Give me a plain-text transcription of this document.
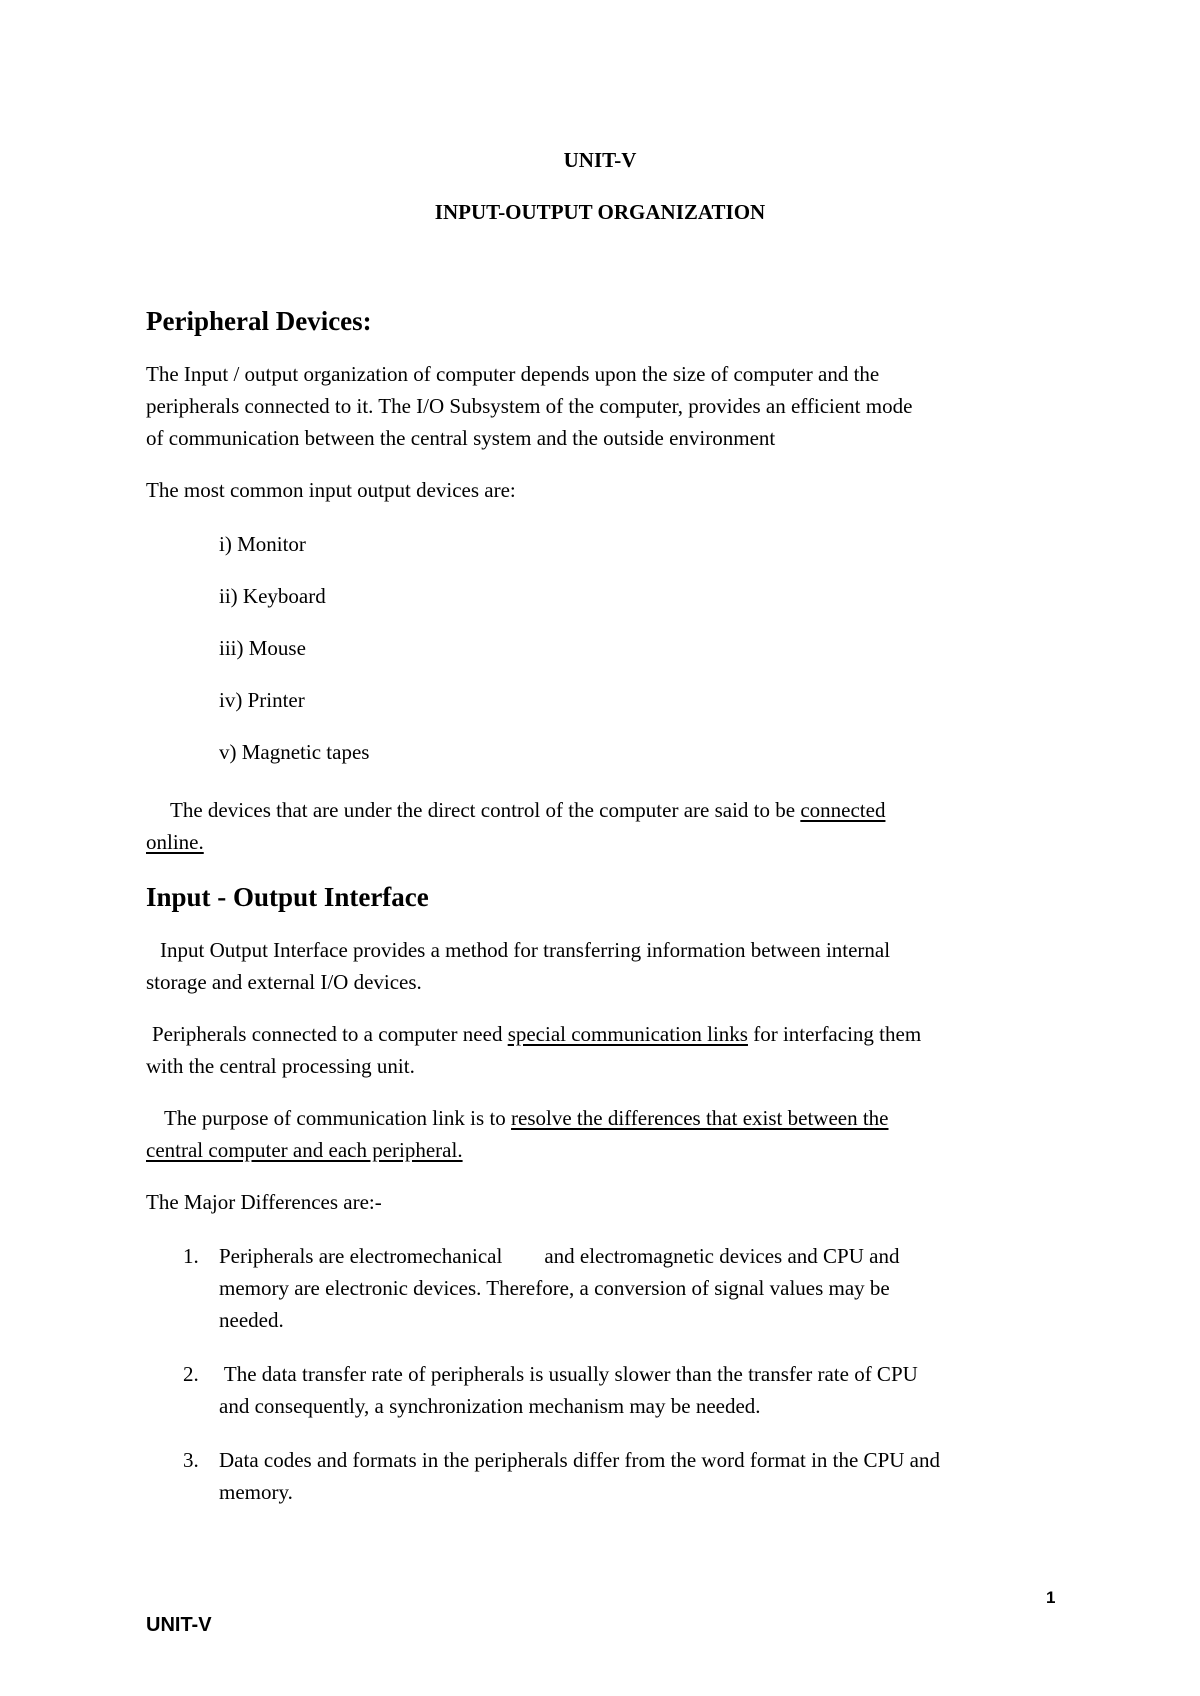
UNIT-V
INPUT-OUTPUT ORGANIZATION
Peripheral Devices:
The Input / output organization of computer depends upon the size of computer and the
peripherals connected to it. The I/O Subsystem of the computer, provides an efficient mode
of communication between the central system and the outside environment
The most common input output devices are:
i) Monitor
ii) Keyboard
iii) Mouse
iv) Printer
v) Magnetic tapes
The devices that are under the direct control of the computer are said to be connected
online.
Input - Output Interface
Input Output Interface provides a method for transferring information between internal
storage and external I/O devices.
Peripherals connected to a computer need special communication links for interfacing them
with the central processing unit.
The purpose of communication link is to resolve the differences that exist between the
central computer and each peripheral.
The Major Differences are:-
1. Peripherals are electromechanical        and electromagnetic devices and CPU and
memory are electronic devices. Therefore, a conversion of signal values may be
needed.
2. The data transfer rate of peripherals is usually slower than the transfer rate of CPU
and consequently, a synchronization mechanism may be needed.
3. Data codes and formats in the peripherals differ from the word format in the CPU and
memory.
1
UNIT-V
